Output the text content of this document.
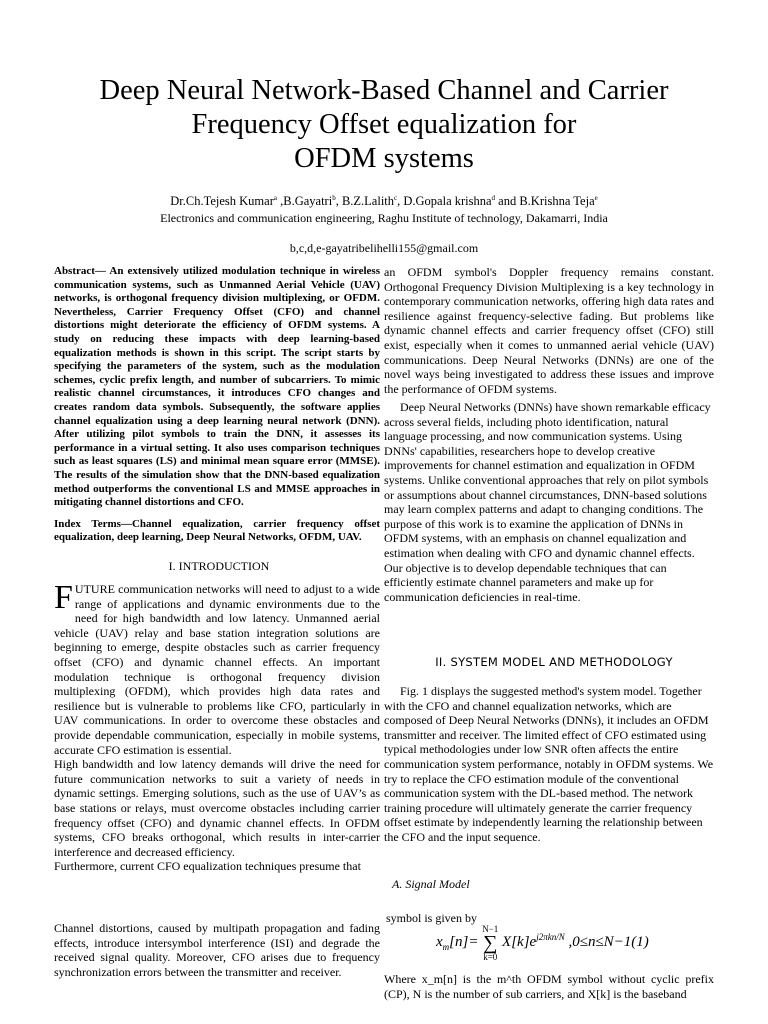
Deep Neural Network-Based Channel and Carrier
Frequency Offset equalization for
OFDM systems
Dr.Ch.Tejesh Kumar$^a$ ,B.Gayatri$^b$, B.Z.Lalith$^c$, D.Gopala krishna$^d$ and B.Krishna Teja$^e$
Electronics and communication engineering, Raghu Institute of technology, Dakamarri, India
b,c,d,e-gayatribelihelli155@gmail.com

Abstract— An extensively utilized modulation technique in wireless communication systems, such as Unmanned Aerial Vehicle (UAV) networks, is orthogonal frequency division multiplexing, or OFDM. Nevertheless, Carrier Frequency Offset (CFO) and channel distortions might deteriorate the efficiency of OFDM systems. A study on reducing these impacts with deep learning-based equalization methods is shown in this script. The script starts by specifying the parameters of the system, such as the modulation schemes, cyclic prefix length, and number of subcarriers. To mimic realistic channel circumstances, it introduces CFO changes and creates random data symbols. Subsequently, the software applies channel equalization using a deep learning neural network (DNN). After utilizing pilot symbols to train the DNN, it assesses its performance in a virtual setting. It also uses comparison techniques such as least squares (LS) and minimal mean square error (MMSE). The results of the simulation show that the DNN-based equalization method outperforms the conventional LS and MMSE approaches in mitigating channel distortions and CFO.

Index Terms—Channel equalization, carrier frequency offset equalization, deep learning, Deep Neural Networks, OFDM, UAV.

I. INTRODUCTION

FUTURE communication networks will need to adjust to a wide range of applications and dynamic environments due to the need for high bandwidth and low latency. Unmanned aerial vehicle (UAV) relay and base station integration solutions are beginning to emerge, despite obstacles such as carrier frequency offset (CFO) and dynamic channel effects. An important modulation technique is orthogonal frequency division multiplexing (OFDM), which provides high data rates and resilience but is vulnerable to problems like CFO, particularly in UAV communications. In order to overcome these obstacles and provide dependable communication, especially in mobile systems, accurate CFO estimation is essential.

High bandwidth and low latency demands will drive the need for future communication networks to suit a variety of needs in dynamic settings. Emerging solutions, such as the use of UAV’s as base stations or relays, must overcome obstacles including carrier frequency offset (CFO) and dynamic channel effects. In OFDM systems, CFO breaks orthogonal, which results in inter-carrier interference and decreased efficiency.

Furthermore, current CFO equalization techniques presume that

Channel distortions, caused by multipath propagation and fading effects, introduce intersymbol interference (ISI) and degrade the received signal quality. Moreover, CFO arises due to frequency synchronization errors between the transmitter and receiver.
an OFDM symbol's Doppler frequency remains constant. Orthogonal Frequency Division Multiplexing is a key technology in contemporary communication networks, offering high data rates and resilience against frequency-selective fading. But problems like dynamic channel effects and carrier frequency offset (CFO) still exist, especially when it comes to unmanned aerial vehicle (UAV) communications. Deep Neural Networks (DNNs) are one of the novel ways being investigated to address these issues and improve the performance of OFDM systems.
Deep Neural Networks (DNNs) have shown remarkable efficacy across several fields, including photo identification, natural language processing, and now communication systems. Using DNNs' capabilities, researchers hope to develop creative improvements for channel estimation and equalization in OFDM systems. Unlike conventional approaches that rely on pilot symbols or assumptions about channel circumstances, DNN-based solutions may learn complex patterns and adapt to changing conditions. The purpose of this work is to examine the application of DNNs in OFDM systems, with an emphasis on channel equalization and estimation when dealing with CFO and dynamic channel effects. Our objective is to develop dependable techniques that can efficiently estimate channel parameters and make up for communication deficiencies in real-time.
II. SYSTEM MODEL AND METHODOLOGY
Fig. 1 displays the suggested method's system model. Together with the CFO and channel equalization networks, which are composed of Deep Neural Networks (DNNs), it includes an OFDM transmitter and receiver. The limited effect of CFO estimated using typical methodologies under low SNR often affects the entire communication system performance, notably in OFDM systems. We try to replace the CFO estimation module of the conventional communication system with the DL-based method. The network training procedure will ultimately generate the carrier frequency offset estimate by independently learning the relationship between the CFO and the input sequence.
A. Signal Model
symbol is given by
$x_m[n]=$
N−1
∑
k=0
$X[k]e^{j2\pi kn/N}$ ,0≤n≤N−1(1)
Where x_m[n] is the m^th OFDM symbol without cyclic prefix (CP), N is the number of sub carriers, and X[k] is the baseband
